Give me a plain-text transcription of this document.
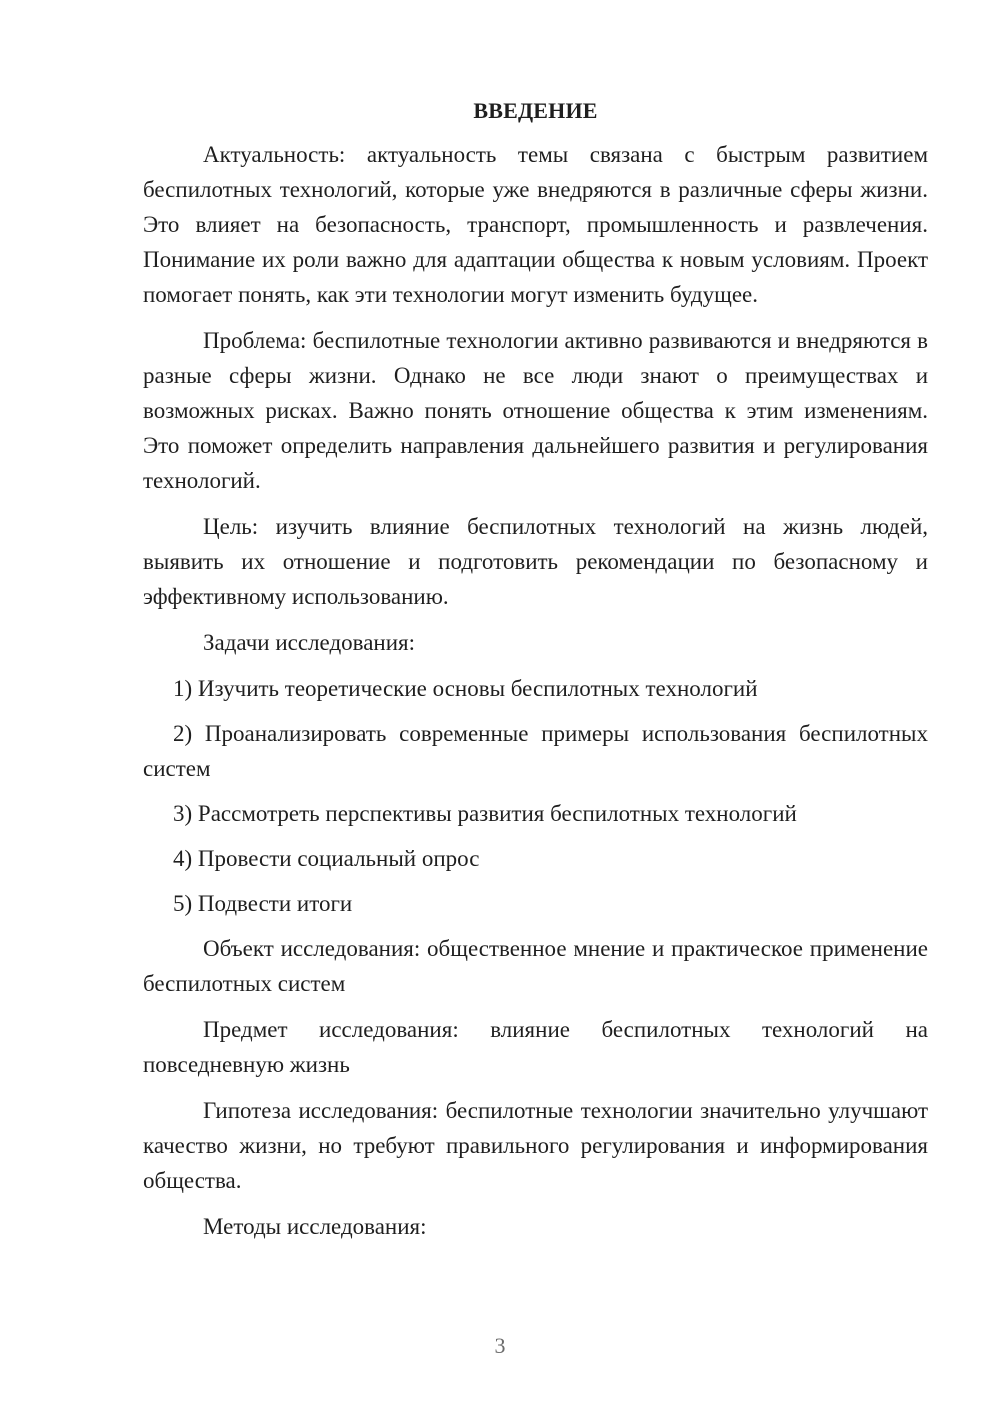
ВВЕДЕНИЕ
Актуальность: актуальность темы связана с быстрым развитием беспилотных технологий, которые уже внедряются в различные сферы жизни. Это влияет на безопасность, транспорт, промышленность и развлечения. Понимание их роли важно для адаптации общества к новым условиям. Проект помогает понять, как эти технологии могут изменить будущее.
Проблема: беспилотные технологии активно развиваются и внедряются в разные сферы жизни. Однако не все люди знают о преимуществах и возможных рисках. Важно понять отношение общества к этим изменениям. Это поможет определить направления дальнейшего развития и регулирования технологий.
Цель: изучить влияние беспилотных технологий на жизнь людей, выявить их отношение и подготовить рекомендации по безопасному и эффективному использованию.
Задачи исследования:
1) Изучить теоретические основы беспилотных технологий
2) Проанализировать современные примеры использования беспилотных систем
3) Рассмотреть перспективы развития беспилотных технологий
4) Провести социальный опрос
5) Подвести итоги
Объект исследования: общественное мнение и практическое применение беспилотных систем
Предмет исследования: влияние беспилотных технологий на повседневную жизнь
Гипотеза исследования: беспилотные технологии значительно улучшают качество жизни, но требуют правильного регулирования и информирования общества.
Методы исследования:
3
